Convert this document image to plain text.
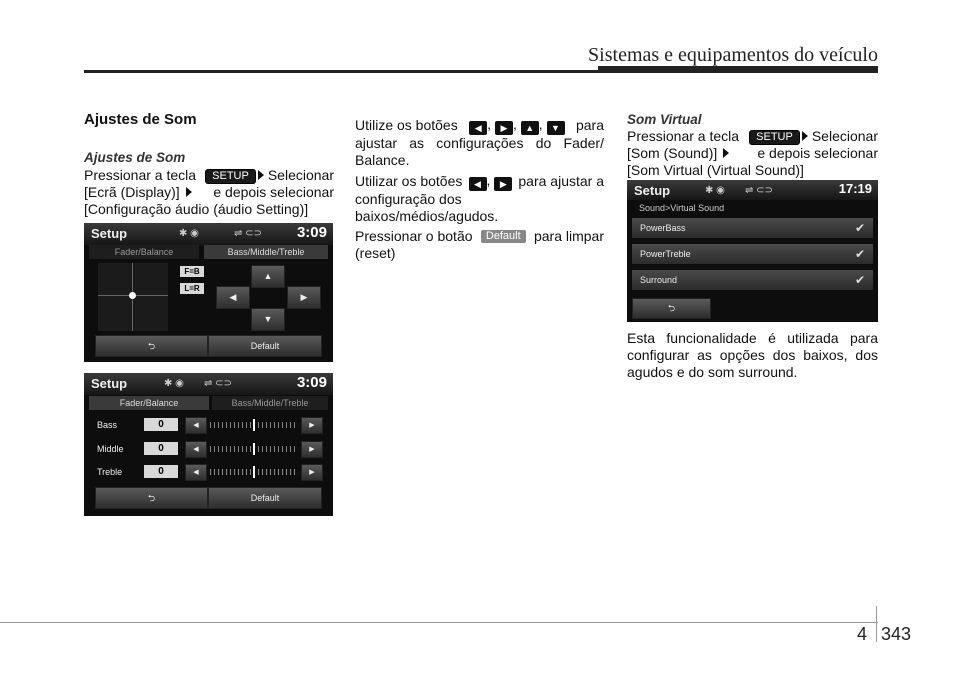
Sistemas e equipamentos do veículo
Ajustes de Som
Ajustes de Som
Pressionar a tecla	SETUP Selecionar
[Ecrã (Display)]	e depois selecionar
[Configuração áudio (áudio Setting)]
Setup	✱ ◉	⇌ ⊂⊃ 3:09
Fader/Balance	Bass/Middle/Treble
F=B
L=R
▲
◀	▶
▼
⮌	Default
Setup	✱ ◉ ⇌ ⊂⊃	3:09
Fader/Balance	Bass/Middle/Treble
Bass	0	◀	▶
Middle	0	◀	▶
Treble	0	◀	▶
⮌	Default
Utilize os botões	◀ , ▶ , ▲ , ▼	para
ajustar as configurações do Fader/ Balance.
Utilizar os botões	◀ , ▶ para ajustar a
configuração dos baixos/médios/agudos.
Pressionar o botão	Default para limpar
(reset)
Som Virtual
Pressionar a tecla	SETUP Selecionar
[Som (Sound)]	e depois selecionar
[Som Virtual (Virtual Sound)]
Setup	✱ ◉ ⇌ ⊂⊃	17:19
Sound>Virtual Sound
PowerBass	✔
PowerTreble	✔
Surround	✔
⮌
Esta funcionalidade é utilizada para configurar as opções dos baixos, dos agudos e do som surround.
4 343
